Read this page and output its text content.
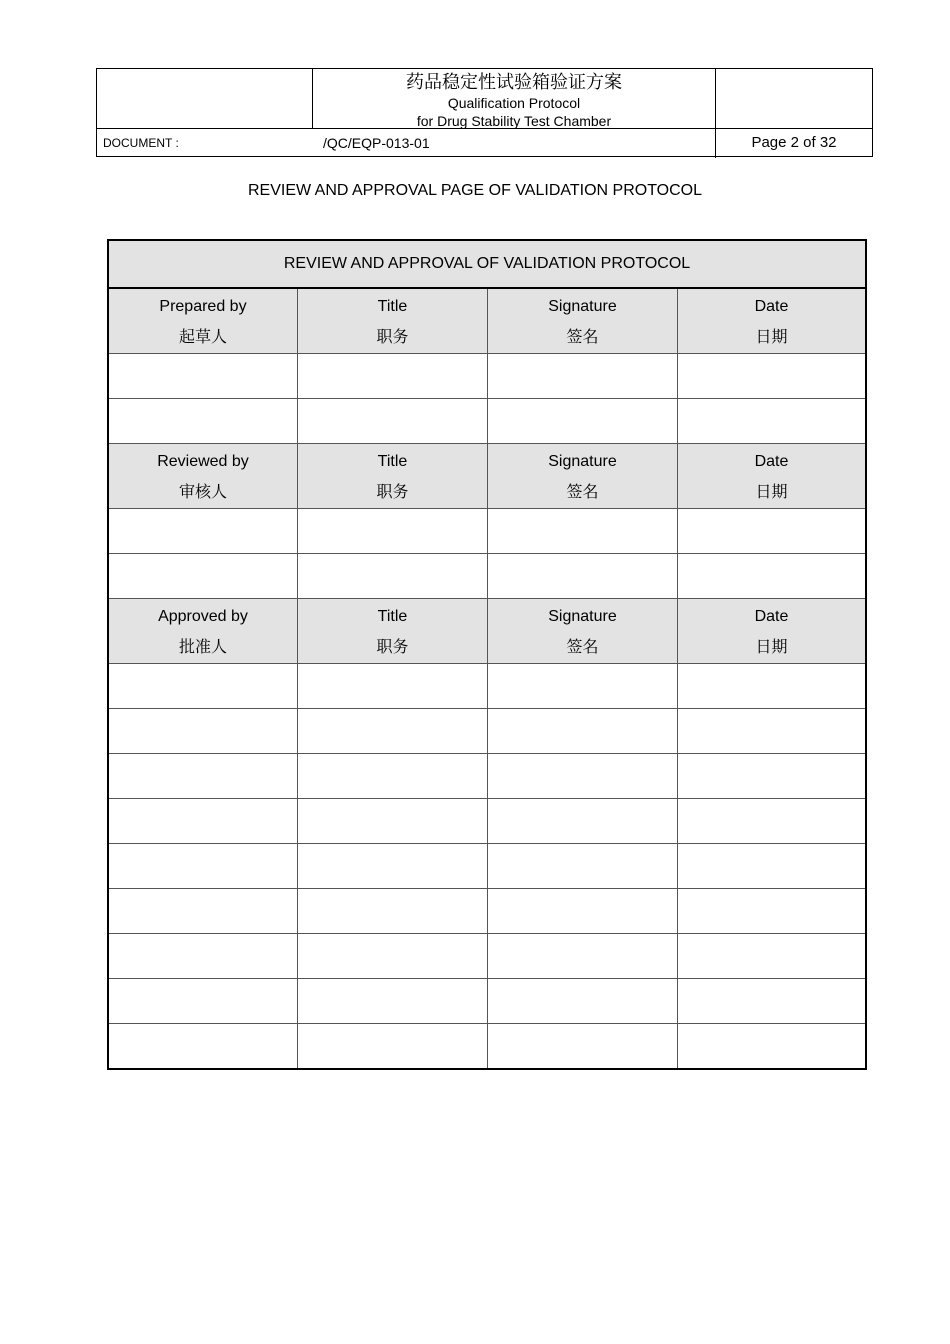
药品稳定性试验箱验证方案
Qualification Protocol
for Drug Stability Test Chamber
DOCUMENT :	/QC/EQP-013-01	Page 2 of 32
REVIEW AND APPROVAL PAGE OF VALIDATION PROTOCOL
REVIEW AND APPROVAL OF VALIDATION PROTOCOL
Prepared by
起草人
Title
职务
Signature
签名
Date
日期
Reviewed by
审核人
Title
职务
Signature
签名
Date
日期
Approved by
批准人
Title
职务
Signature
签名
Date
日期
